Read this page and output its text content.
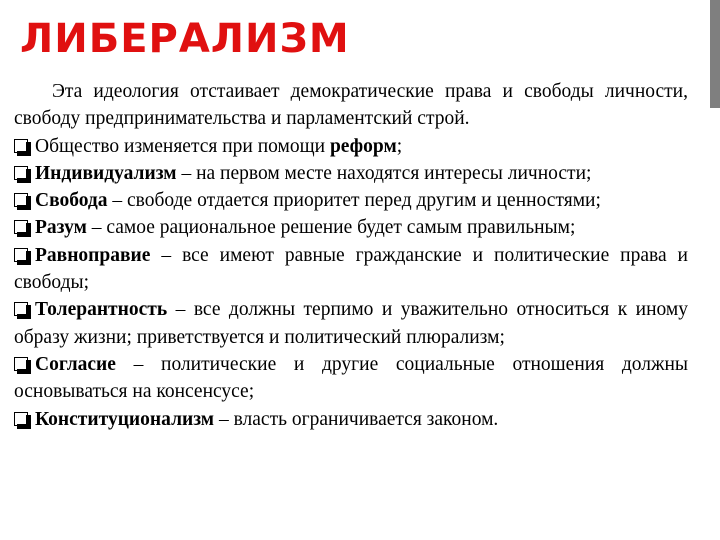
ЛИБЕРАЛИЗМ

Эта идеология отстаивает демократические права и свободы личности, свободу предпринимательства и парламентский строй.

Общество изменяется при помощи реформ;

Индивидуализм – на первом месте находятся интересы личности;

Свобода – свободе отдается приоритет перед другим и ценностями;

Разум – самое рациональное решение будет самым правильным;

Равноправие – все имеют равные гражданские и политические права и свободы;

Толерантность – все должны терпимо и уважительно относиться к иному образу жизни; приветствуется и политический плюрализм;

Согласие – политические и другие социальные отношения должны основываться на консенсусе;

Конституционализм – власть ограничивается законом.
